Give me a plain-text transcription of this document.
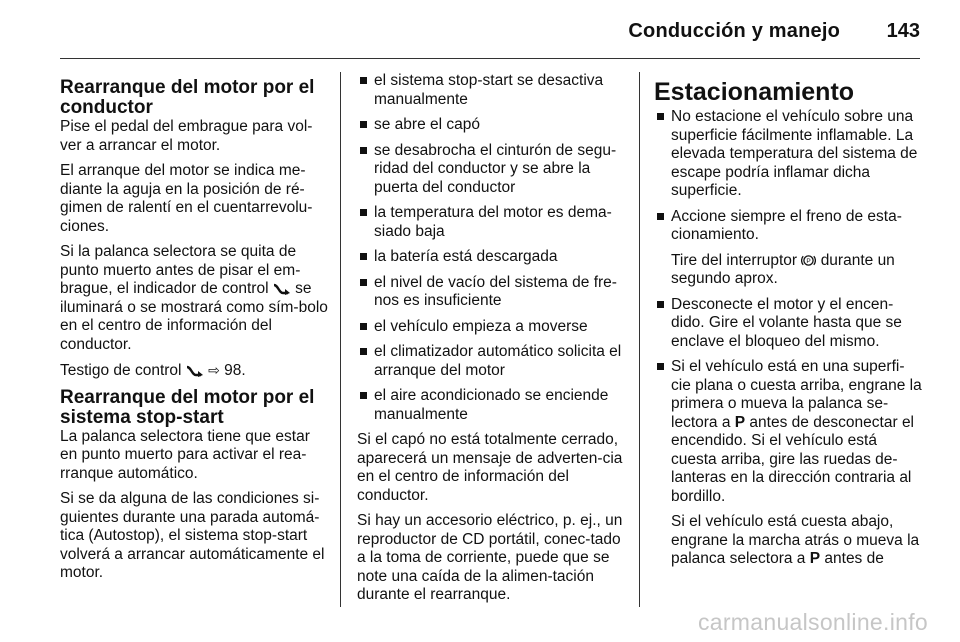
Conducción y manejo 143
Rearranque del motor por el conductor

Pise el pedal del embrague para vol-ver a arrancar el motor.

El arranque del motor se indica me-diante la aguja en la posición de ré-gimen de ralentí en el cuentarrevolu-ciones.

Si la palanca selectora se quita de punto muerto antes de pisar el em-brague, el indicador de control se iluminará o se mostrará como sím-bolo en el centro de información del conductor.

Testigo de control ⇨ 98.

Rearranque del motor por el sistema stop-start

La palanca selectora tiene que estar en punto muerto para activar el rea-rranque automático.

Si se da alguna de las condiciones si-guientes durante una parada automá-tica (Autostop), el sistema stop-start volverá a arrancar automáticamente el motor.

el sistema stop-start se desactiva manualmente
se abre el capó
se desabrocha el cinturón de segu-ridad del conductor y se abre la puerta del conductor
la temperatura del motor es dema-siado baja
la batería está descargada
el nivel de vacío del sistema de fre-nos es insuficiente
el vehículo empieza a moverse
el climatizador automático solicita el arranque del motor
el aire acondicionado se enciende manualmente

Si el capó no está totalmente cerrado, aparecerá un mensaje de adverten-cia en el centro de información del conductor.

Si hay un accesorio eléctrico, p. ej., un reproductor de CD portátil, conec-tado a la toma de corriente, puede que se note una caída de la alimen-tación durante el rearranque.

Estacionamiento
No estacione el vehículo sobre una superficie fácilmente inflamable. La elevada temperatura del sistema de escape podría inflamar dicha superficie.
Accione siempre el freno de esta-cionamiento.
Tire del interruptor P durante un segundo aprox.
Desconecte el motor y el encen-dido. Gire el volante hasta que se enclave el bloqueo del mismo.
Si el vehículo está en una superfi-cie plana o cuesta arriba, engrane la primera o mueva la palanca se-lectora a P antes de desconectar el encendido. Si el vehículo está cuesta arriba, gire las ruedas de-lanteras en la dirección contraria al bordillo.
Si el vehículo está cuesta abajo, engrane la marcha atrás o mueva la palanca selectora a P antes de
carmanualsonline.info
